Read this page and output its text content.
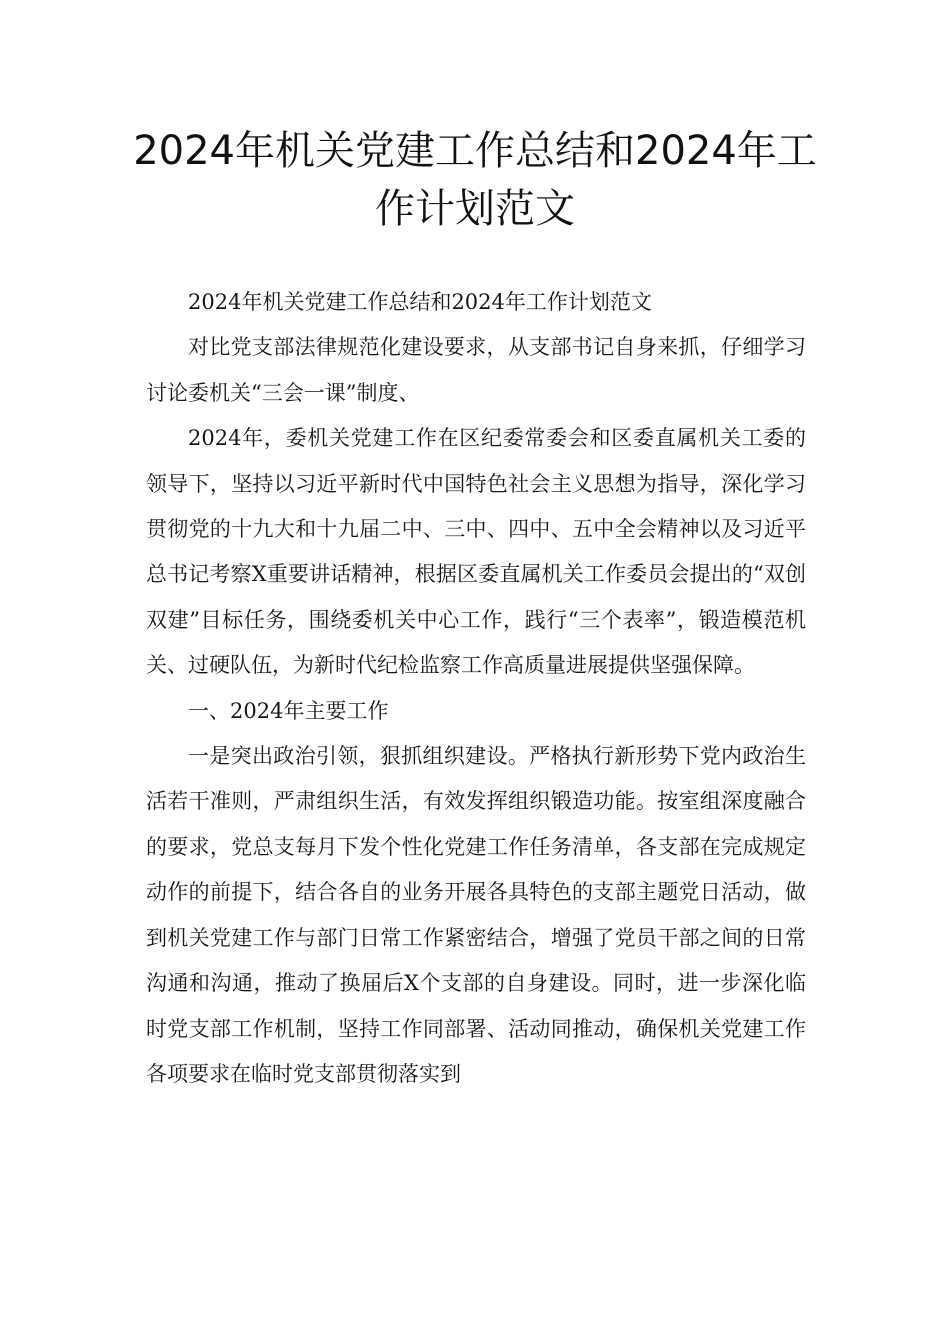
2024年机关党建工作总结和2024年工
作计划范文

2024年机关党建工作总结和2024年工作计划范文

对比党支部法律规范化建设要求，从支部书记自身来抓，仔细学习讨论委机关“三会一课”制度、

2024年，委机关党建工作在区纪委常委会和区委直属机关工委的领导下，坚持以习近平新时代中国特色社会主义思想为指导，深化学习贯彻党的十九大和十九届二中、三中、四中、五中全会精神以及习近平总书记考察X重要讲话精神，根据区委直属机关工作委员会提出的“双创双建”目标任务，围绕委机关中心工作，践行“三个表率”，锻造模范机关、过硬队伍，为新时代纪检监察工作高质量进展提供坚强保障。

一、2024年主要工作

一是突出政治引领，狠抓组织建设。严格执行新形势下党内政治生活若干准则，严肃组织生活，有效发挥组织锻造功能。按室组深度融合的要求，党总支每月下发个性化党建工作任务清单，各支部在完成规定动作的前提下，结合各自的业务开展各具特色的支部主题党日活动，做到机关党建工作与部门日常工作紧密结合，增强了党员干部之间的日常沟通和沟通，推动了换届后X个支部的自身建设。同时，进一步深化临时党支部工作机制，坚持工作同部署、活动同推动，确保机关党建工作各项要求在临时党支部贯彻落实到
